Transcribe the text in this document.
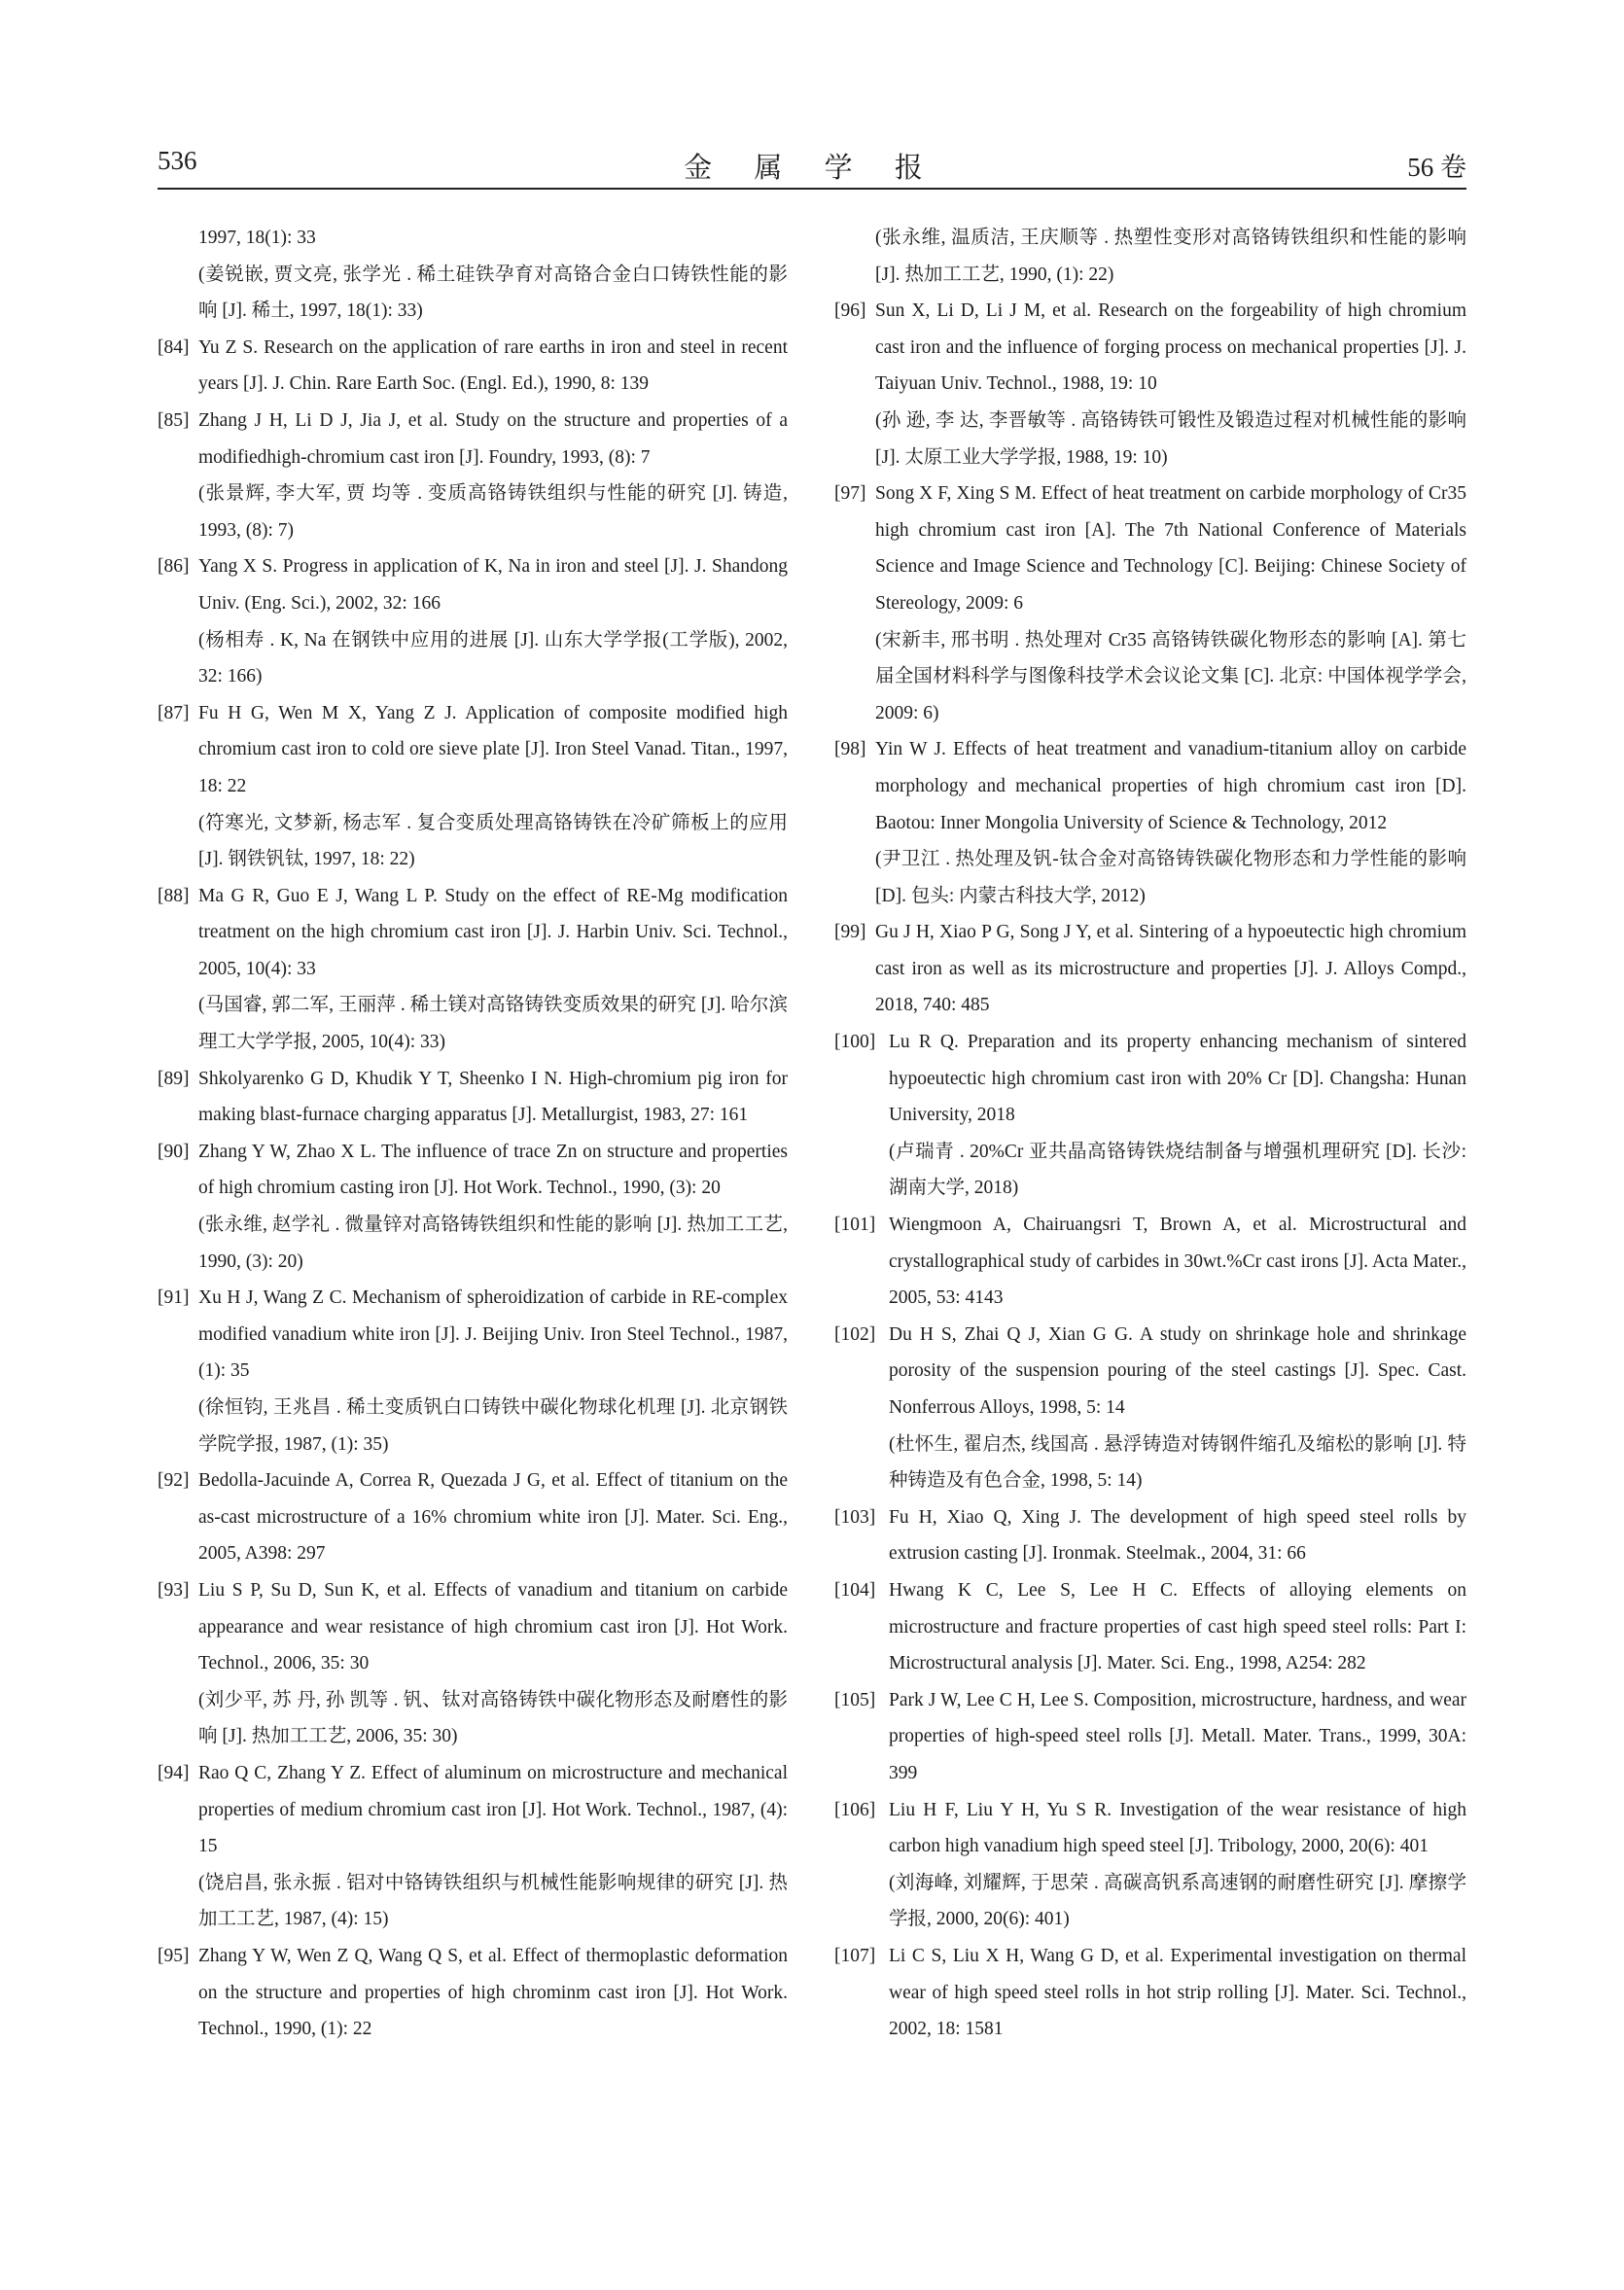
536	金 属 学 报	56 卷
1997, 18(1): 33
(姜锐嵌, 贾文亮, 张学光 . 稀土硅铁孕育对高铬合金白口铸铁性能的影响 [J]. 稀土, 1997, 18(1): 33)
[84] Yu Z S. Research on the application of rare earths in iron and steel in recent years [J]. J. Chin. Rare Earth Soc. (Engl. Ed.), 1990, 8: 139
[85] Zhang J H, Li D J, Jia J, et al. Study on the structure and properties of a modifiedhigh-chromium cast iron [J]. Foundry, 1993, (8): 7
(张景辉, 李大军, 贾 均等 . 变质高铬铸铁组织与性能的研究 [J]. 铸造, 1993, (8): 7)
[86] Yang X S. Progress in application of K, Na in iron and steel [J]. J. Shandong Univ. (Eng. Sci.), 2002, 32: 166
(杨相寿 . K, Na 在钢铁中应用的进展 [J]. 山东大学学报(工学版), 2002, 32: 166)
[87] Fu H G, Wen M X, Yang Z J. Application of composite modified high chromium cast iron to cold ore sieve plate [J]. Iron Steel Vanad. Titan., 1997, 18: 22
(符寒光, 文梦新, 杨志军 . 复合变质处理高铬铸铁在冷矿筛板上的应用 [J]. 钢铁钒钛, 1997, 18: 22)
[88] Ma G R, Guo E J, Wang L P. Study on the effect of RE-Mg modification treatment on the high chromium cast iron [J]. J. Harbin Univ. Sci. Technol., 2005, 10(4): 33
(马国睿, 郭二军, 王丽萍 . 稀土镁对高铬铸铁变质效果的研究 [J]. 哈尔滨理工大学学报, 2005, 10(4): 33)
[89] Shkolyarenko G D, Khudik Y T, Sheenko I N. High-chromium pig iron for making blast-furnace charging apparatus [J]. Metallurgist, 1983, 27: 161
[90] Zhang Y W, Zhao X L. The influence of trace Zn on structure and properties of high chromium casting iron [J]. Hot Work. Technol., 1990, (3): 20
(张永维, 赵学礼 . 微量锌对高铬铸铁组织和性能的影响 [J]. 热加工工艺, 1990, (3): 20)
[91] Xu H J, Wang Z C. Mechanism of spheroidization of carbide in RE-complex modified vanadium white iron [J]. J. Beijing Univ. Iron Steel Technol., 1987, (1): 35
(徐恒钧, 王兆昌 . 稀土变质钒白口铸铁中碳化物球化机理 [J]. 北京钢铁学院学报, 1987, (1): 35)
[92] Bedolla-Jacuinde A, Correa R, Quezada J G, et al. Effect of titanium on the as-cast microstructure of a 16% chromium white iron [J]. Mater. Sci. Eng., 2005, A398: 297
[93] Liu S P, Su D, Sun K, et al. Effects of vanadium and titanium on carbide appearance and wear resistance of high chromium cast iron [J]. Hot Work. Technol., 2006, 35: 30
(刘少平, 苏 丹, 孙 凯等 . 钒、钛对高铬铸铁中碳化物形态及耐磨性的影响 [J]. 热加工工艺, 2006, 35: 30)
[94] Rao Q C, Zhang Y Z. Effect of aluminum on microstructure and mechanical properties of medium chromium cast iron [J]. Hot Work. Technol., 1987, (4): 15
(饶启昌, 张永振 . 铝对中铬铸铁组织与机械性能影响规律的研究 [J]. 热加工工艺, 1987, (4): 15)
[95] Zhang Y W, Wen Z Q, Wang Q S, et al. Effect of thermoplastic deformation on the structure and properties of high chrominm cast iron [J]. Hot Work. Technol., 1990, (1): 22
(张永维, 温质洁, 王庆顺等 . 热塑性变形对高铬铸铁组织和性能的影响 [J]. 热加工工艺, 1990, (1): 22)
[96] Sun X, Li D, Li J M, et al. Research on the forgeability of high chromium cast iron and the influence of forging process on mechanical properties [J]. J. Taiyuan Univ. Technol., 1988, 19: 10
(孙 逊, 李 达, 李晋敏等 . 高铬铸铁可锻性及锻造过程对机械性能的影响 [J]. 太原工业大学学报, 1988, 19: 10)
[97] Song X F, Xing S M. Effect of heat treatment on carbide morphology of Cr35 high chromium cast iron [A]. The 7th National Conference of Materials Science and Image Science and Technology [C]. Beijing: Chinese Society of Stereology, 2009: 6
(宋新丰, 邢书明 . 热处理对 Cr35 高铬铸铁碳化物形态的影响 [A]. 第七届全国材料科学与图像科技学术会议论文集 [C]. 北京: 中国体视学学会, 2009: 6)
[98] Yin W J. Effects of heat treatment and vanadium-titanium alloy on carbide morphology and mechanical properties of high chromium cast iron [D]. Baotou: Inner Mongolia University of Science & Technology, 2012
(尹卫江 . 热处理及钒-钛合金对高铬铸铁碳化物形态和力学性能的影响 [D]. 包头: 内蒙古科技大学, 2012)
[99] Gu J H, Xiao P G, Song J Y, et al. Sintering of a hypoeutectic high chromium cast iron as well as its microstructure and properties [J]. J. Alloys Compd., 2018, 740: 485
[100] Lu R Q. Preparation and its property enhancing mechanism of sintered hypoeutectic high chromium cast iron with 20% Cr [D]. Changsha: Hunan University, 2018
(卢瑞青 . 20%Cr 亚共晶高铬铸铁烧结制备与增强机理研究 [D]. 长沙: 湖南大学, 2018)
[101] Wiengmoon A, Chairuangsri T, Brown A, et al. Microstructural and crystallographical study of carbides in 30wt.%Cr cast irons [J]. Acta Mater., 2005, 53: 4143
[102] Du H S, Zhai Q J, Xian G G. A study on shrinkage hole and shrinkage porosity of the suspension pouring of the steel castings [J]. Spec. Cast. Nonferrous Alloys, 1998, 5: 14
(杜怀生, 翟启杰, 线国高 . 悬浮铸造对铸钢件缩孔及缩松的影响 [J]. 特种铸造及有色合金, 1998, 5: 14)
[103] Fu H, Xiao Q, Xing J. The development of high speed steel rolls by extrusion casting [J]. Ironmak. Steelmak., 2004, 31: 66
[104] Hwang K C, Lee S, Lee H C. Effects of alloying elements on microstructure and fracture properties of cast high speed steel rolls: Part I: Microstructural analysis [J]. Mater. Sci. Eng., 1998, A254: 282
[105] Park J W, Lee C H, Lee S. Composition, microstructure, hardness, and wear properties of high-speed steel rolls [J]. Metall. Mater. Trans., 1999, 30A: 399
[106] Liu H F, Liu Y H, Yu S R. Investigation of the wear resistance of high carbon high vanadium high speed steel [J]. Tribology, 2000, 20(6): 401
(刘海峰, 刘耀辉, 于思荣 . 高碳高钒系高速钢的耐磨性研究 [J]. 摩擦学学报, 2000, 20(6): 401)
[107] Li C S, Liu X H, Wang G D, et al. Experimental investigation on thermal wear of high speed steel rolls in hot strip rolling [J]. Mater. Sci. Technol., 2002, 18: 1581
